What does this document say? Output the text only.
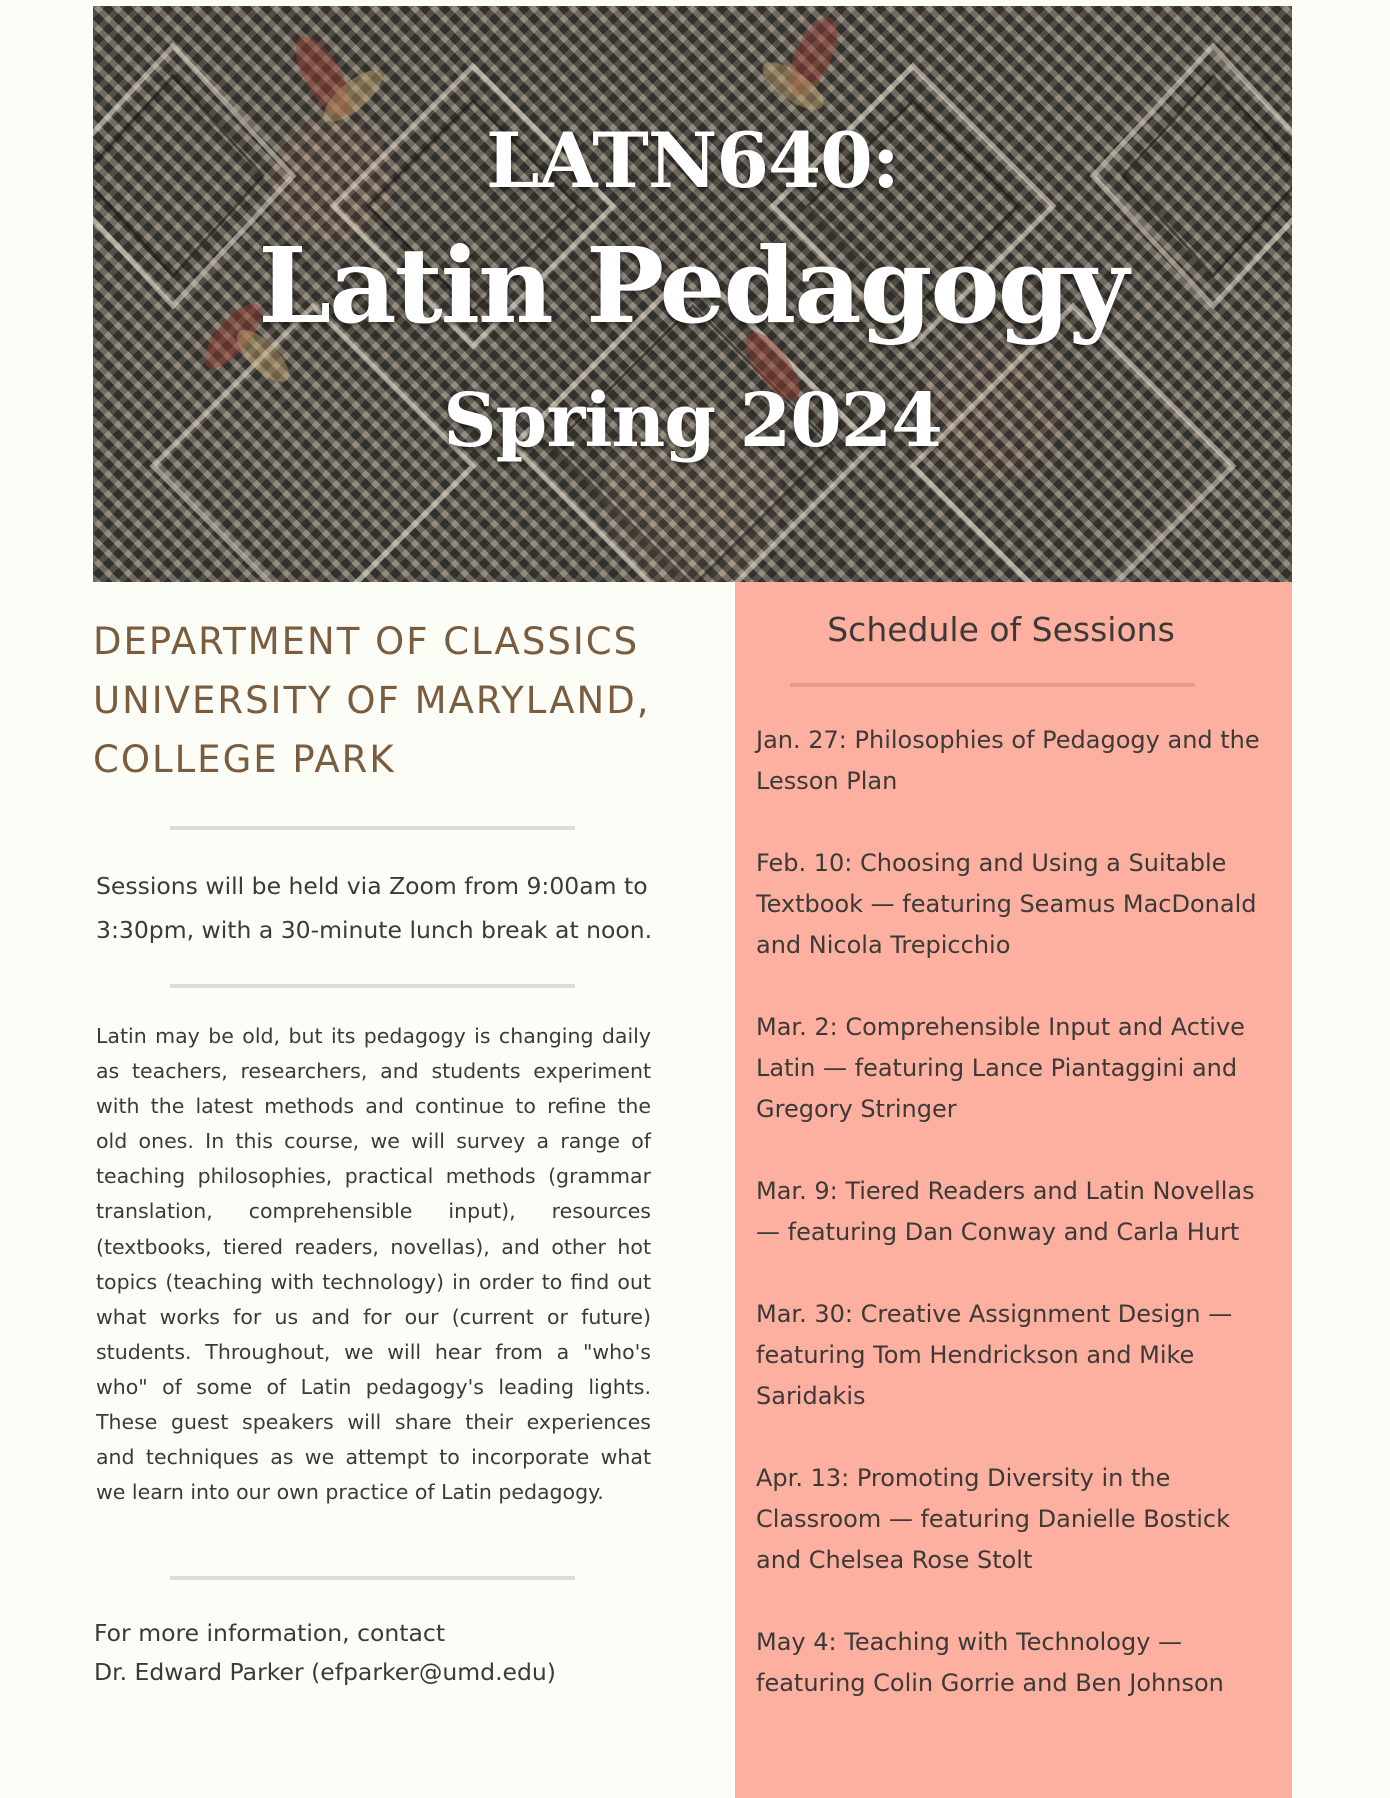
LATN640:
Latin Pedagogy
Spring 2024
DEPARTMENT OF CLASSICS
UNIVERSITY OF MARYLAND,
COLLEGE PARK
Sessions will be held via Zoom from 9:00am to 3:30pm, with a 30-minute lunch break at noon.
Latin may be old, but its pedagogy is changing daily as teachers, researchers, and students experiment with the latest methods and continue to refine the old ones. In this course, we will survey a range of teaching philosophies, practical methods (grammar translation, comprehensible input), resources (textbooks, tiered readers, novellas), and other hot topics (teaching with technology) in order to find out what works for us and for our (current or future) students. Throughout, we will hear from a "who's who" of some of Latin pedagogy's leading lights. These guest speakers will share their experiences and techniques as we attempt to incorporate what we learn into our own practice of Latin pedagogy.
For more information, contact
Dr. Edward Parker (efparker@umd.edu)
Schedule of Sessions
Jan. 27: Philosophies of Pedagogy and the Lesson Plan
Feb. 10: Choosing and Using a Suitable Textbook — featuring Seamus MacDonald and Nicola Trepicchio
Mar. 2: Comprehensible Input and Active Latin — featuring Lance Piantaggini and Gregory Stringer
Mar. 9: Tiered Readers and Latin Novellas — featuring Dan Conway and Carla Hurt
Mar. 30: Creative Assignment Design — featuring Tom Hendrickson and Mike Saridakis
Apr. 13: Promoting Diversity in the Classroom — featuring Danielle Bostick and Chelsea Rose Stolt
May 4: Teaching with Technology — featuring Colin Gorrie and Ben Johnson
